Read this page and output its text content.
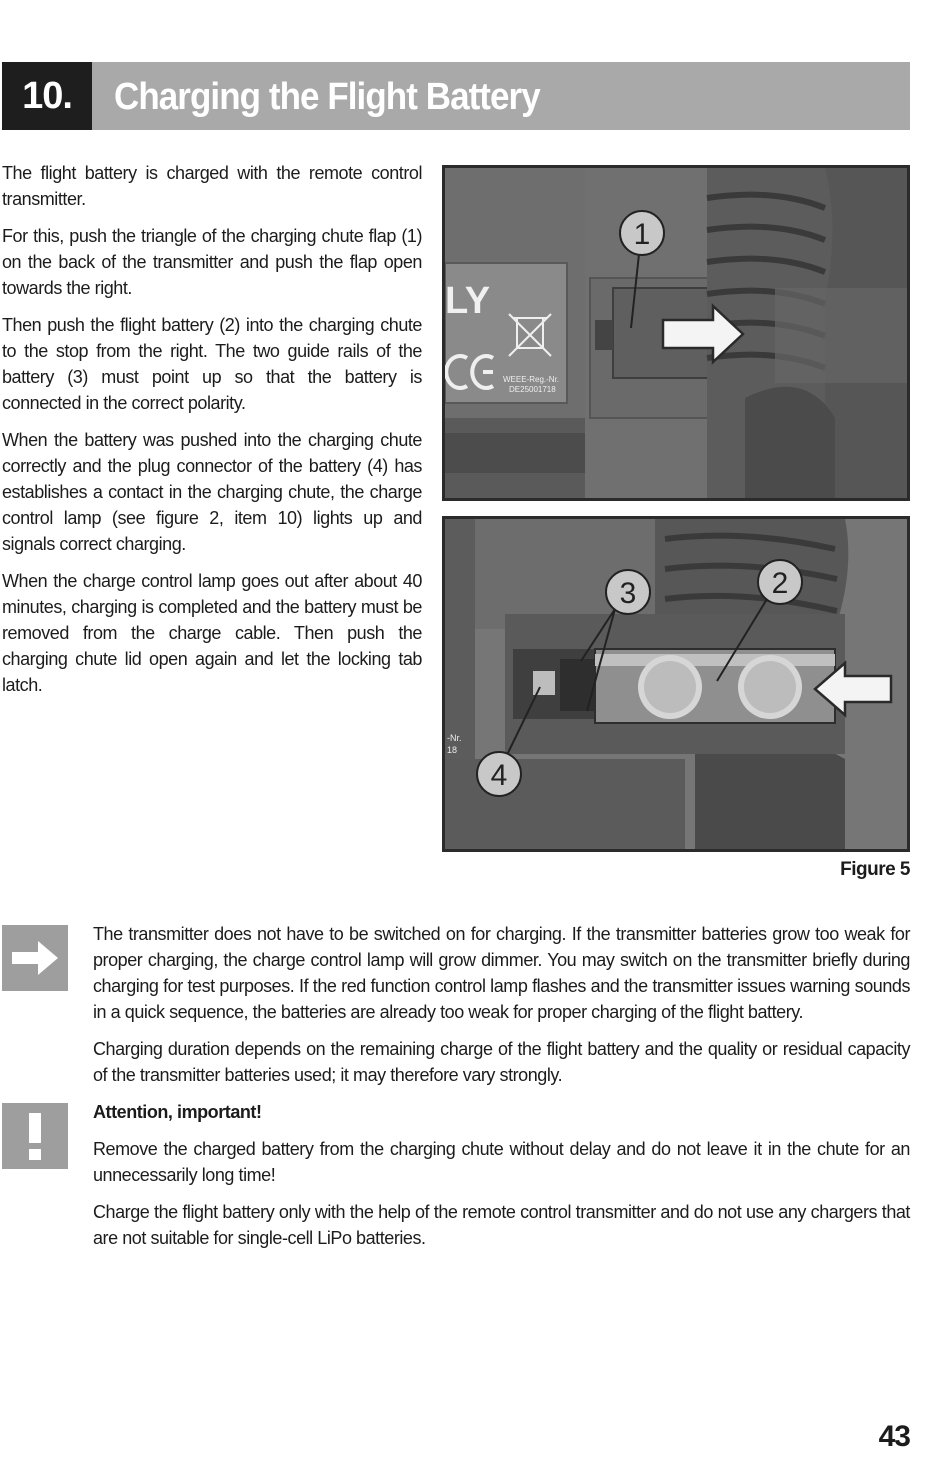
10.	Charging the Flight Battery

The flight battery is charged with the remote control transmitter.

For this, push the triangle of the charging chute flap (1) on the back of the transmitter and push the flap open towards the right.

Then push the flight battery (2) into the charging chute to the stop from the right. The two guide rails of the battery (3) must point up so that the battery is connected in the correct polarity.

When the battery was pushed into the charging chute correctly and the plug connector of the battery (4) has establishes a contact in the charging chute, the charge control lamp (see figure 2, item 10) lights up and signals correct charging.

When the charge control lamp goes out after about 40 minutes, charging is completed and the battery must be removed from the charge cable. Then push the charging chute lid open again and let the locking tab latch.

LY
WEEE-Reg.-Nr.
DE25001718
1
-Nr.
18
3	2
4
Figure 5

The transmitter does not have to be switched on for charging. If the transmitter batteries grow too weak for proper charging, the charge control lamp will grow dimmer. You may switch on the transmitter briefly during charging for test purposes. If the red function control lamp flashes and the transmitter issues warning sounds in a quick sequence, the batteries are already too weak for proper charging of the flight battery.

Charging duration depends on the remaining charge of the flight battery and the quality or residual capacity of the transmitter batteries used; it may therefore vary strongly.

Attention, important!

Remove the charged battery from the charging chute without delay and do not leave it in the chute for an unnecessarily long time!

Charge the flight battery only with the help of the remote control transmitter and do not use any chargers that are not suitable for single-cell LiPo batteries.

43
